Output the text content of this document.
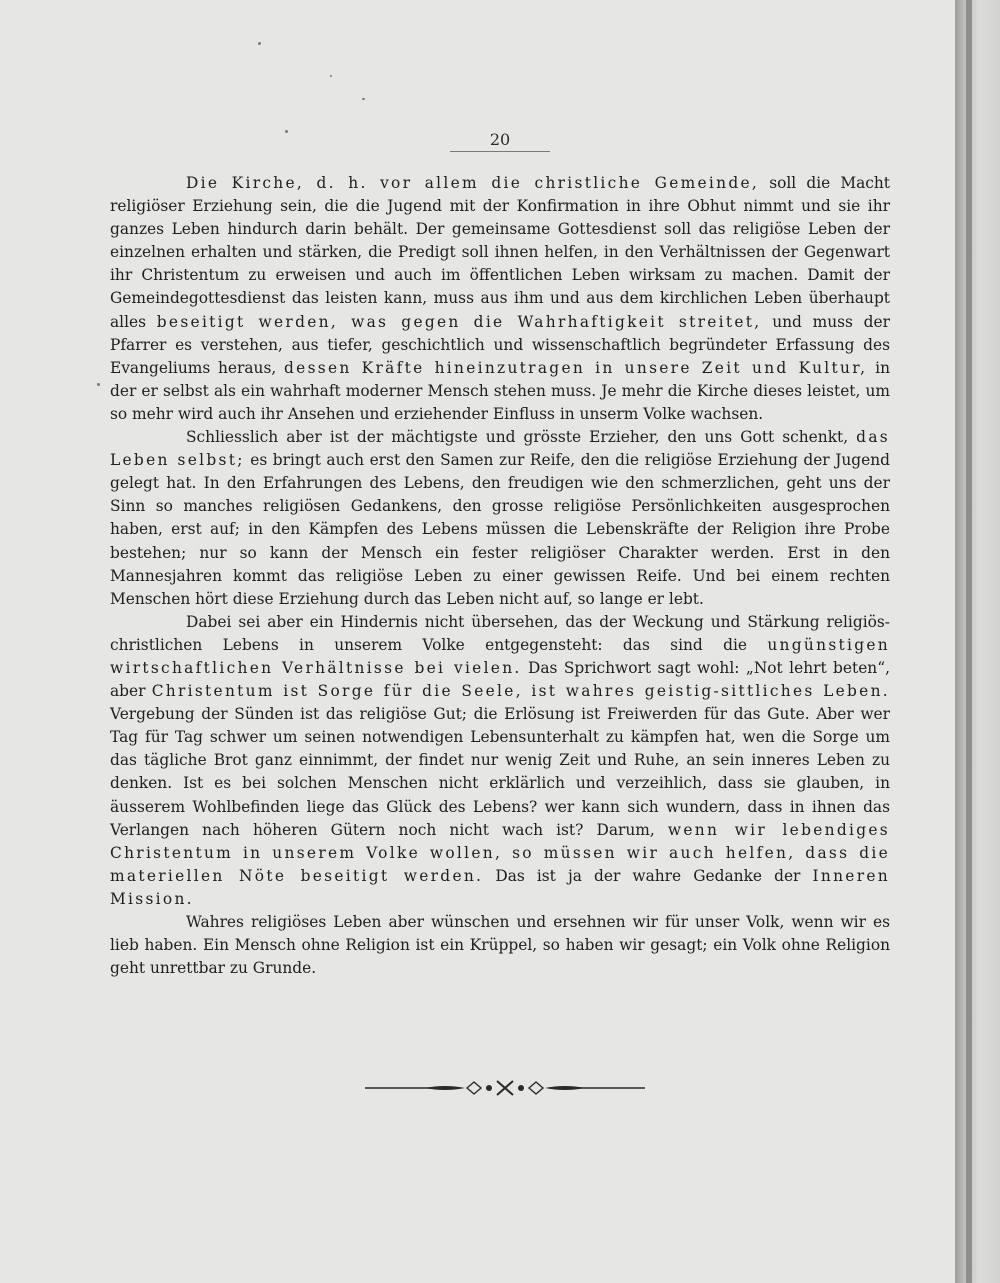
20

Die Kirche, d. h. vor allem die christliche Gemeinde, soll die Macht religiöser Erziehung sein, die die Jugend mit der Konfirmation in ihre Obhut nimmt und sie ihr ganzes Leben hindurch darin behält. Der gemeinsame Gottesdienst soll das religiöse Leben der einzelnen erhalten und stärken, die Predigt soll ihnen helfen, in den Verhältnissen der Gegenwart ihr Christentum zu erweisen und auch im öffentlichen Leben wirksam zu machen. Damit der Gemeindegottesdienst das leisten kann, muss aus ihm und aus dem kirchlichen Leben überhaupt alles beseitigt werden, was gegen die Wahrhaftigkeit streitet, und muss der Pfarrer es verstehen, aus tiefer, geschichtlich und wissenschaftlich begründeter Erfassung des Evangeliums heraus, dessen Kräfte hineinzutragen in unsere Zeit und Kultur, in der er selbst als ein wahrhaft moderner Mensch stehen muss. Je mehr die Kirche dieses leistet, um so mehr wird auch ihr Ansehen und erziehender Einfluss in unserm Volke wachsen.

Schliesslich aber ist der mächtigste und grösste Erzieher, den uns Gott schenkt, das Leben selbst; es bringt auch erst den Samen zur Reife, den die religiöse Erziehung der Jugend gelegt hat. In den Erfahrungen des Lebens, den freudigen wie den schmerzlichen, geht uns der Sinn so manches religiösen Gedankens, den grosse religiöse Persönlichkeiten ausgesprochen haben, erst auf; in den Kämpfen des Lebens müssen die Lebenskräfte der Religion ihre Probe bestehen; nur so kann der Mensch ein fester religiöser Charakter werden. Erst in den Mannesjahren kommt das religiöse Leben zu einer gewissen Reife. Und bei einem rechten Menschen hört diese Erziehung durch das Leben nicht auf, so lange er lebt.

Dabei sei aber ein Hindernis nicht übersehen, das der Weckung und Stärkung religiös-christlichen Lebens in unserem Volke entgegensteht: das sind die ungünstigen wirtschaftlichen Verhältnisse bei vielen. Das Sprichwort sagt wohl: „Not lehrt beten“, aber Christentum ist Sorge für die Seele, ist wahres geistig-sittliches Leben. Vergebung der Sünden ist das religiöse Gut; die Erlösung ist Freiwerden für das Gute. Aber wer Tag für Tag schwer um seinen notwendigen Lebensunterhalt zu kämpfen hat, wen die Sorge um das tägliche Brot ganz einnimmt, der findet nur wenig Zeit und Ruhe, an sein inneres Leben zu denken. Ist es bei solchen Menschen nicht erklärlich und verzeihlich, dass sie glauben, in äusserem Wohlbefinden liege das Glück des Lebens? wer kann sich wundern, dass in ihnen das Verlangen nach höheren Gütern noch nicht wach ist? Darum, wenn wir lebendiges Christentum in unserem Volke wollen, so müssen wir auch helfen, dass die materiellen Nöte beseitigt werden. Das ist ja der wahre Gedanke der Inneren Mission.

Wahres religiöses Leben aber wünschen und ersehnen wir für unser Volk, wenn wir es lieb haben. Ein Mensch ohne Religion ist ein Krüppel, so haben wir gesagt; ein Volk ohne Religion geht unrettbar zu Grunde.
